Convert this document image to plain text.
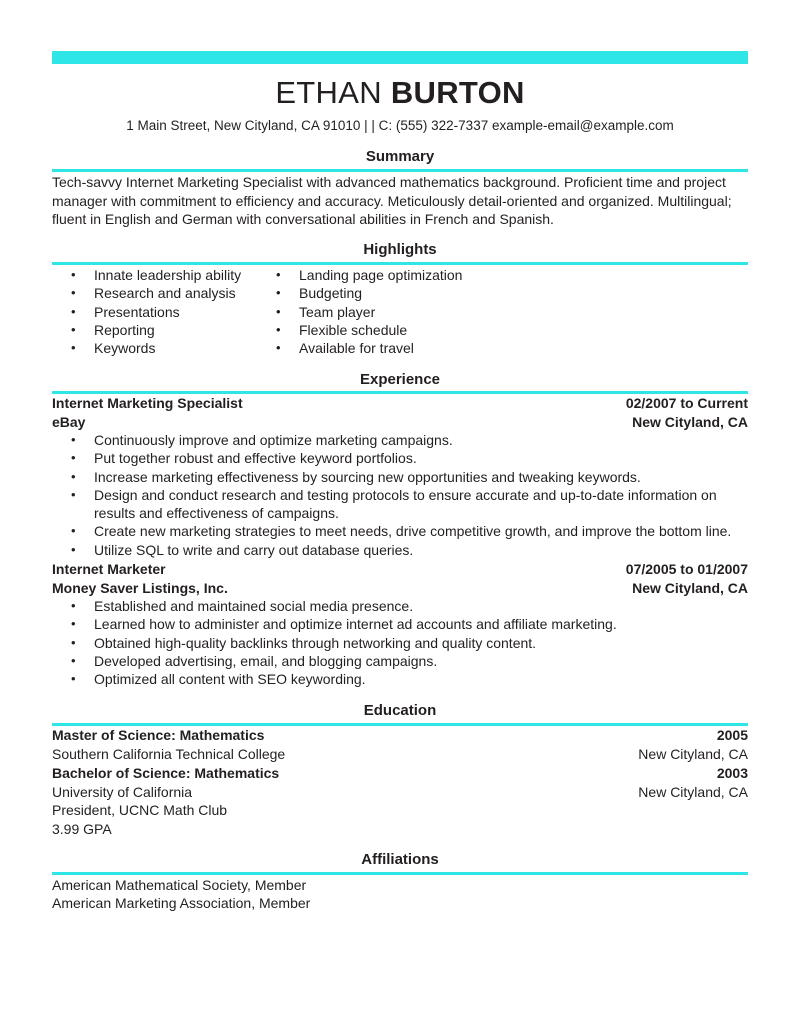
ETHAN BURTON
1 Main Street, New Cityland, CA 91010 | | C: (555) 322-7337 example-email@example.com
Summary
Tech-savvy Internet Marketing Specialist with advanced mathematics background. Proficient time and project manager with commitment to efficiency and accuracy. Meticulously detail-oriented and organized. Multilingual; fluent in English and German with conversational abilities in French and Spanish.
Highlights
• Innate leadership ability
• Research and analysis
• Presentations
• Reporting
• Keywords
• Landing page optimization
• Budgeting
• Team player
• Flexible schedule
• Available for travel
Experience
Internet Marketing Specialist	02/2007 to Current
eBay	New Cityland, CA
• Continuously improve and optimize marketing campaigns.
• Put together robust and effective keyword portfolios.
• Increase marketing effectiveness by sourcing new opportunities and tweaking keywords.
• Design and conduct research and testing protocols to ensure accurate and up-to-date information on results and effectiveness of campaigns.
• Create new marketing strategies to meet needs, drive competitive growth, and improve the bottom line.
• Utilize SQL to write and carry out database queries.
Internet Marketer	07/2005 to 01/2007
Money Saver Listings, Inc.	New Cityland, CA
• Established and maintained social media presence.
• Learned how to administer and optimize internet ad accounts and affiliate marketing.
• Obtained high-quality backlinks through networking and quality content.
• Developed advertising, email, and blogging campaigns.
• Optimized all content with SEO keywording.
Education
Master of Science: Mathematics	2005
Southern California Technical College	New Cityland, CA
Bachelor of Science: Mathematics	2003
University of California	New Cityland, CA
President, UCNC Math Club
3.99 GPA
Affiliations
American Mathematical Society, Member
American Marketing Association, Member
